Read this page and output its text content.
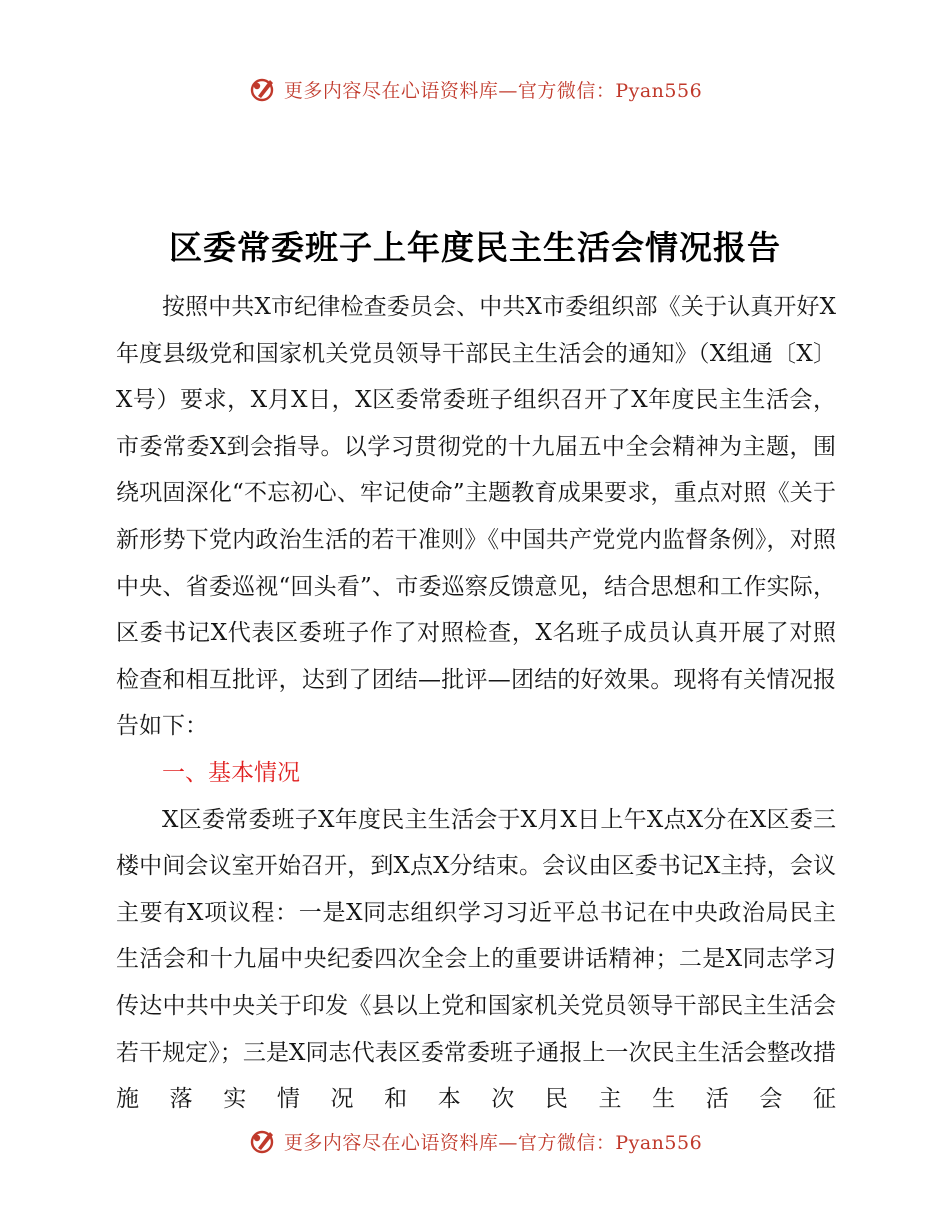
更多内容尽在心语资料库—官方微信：Pyan556
区委常委班子上年度民主生活会情况报告

按照中共X市纪律检查委员会、中共X市委组织部《关于认真开好X年度县级党和国家机关党员领导干部民主生活会的通知》（X组通〔X〕X号）要求，X月X日，X区委常委班子组织召开了X年度民主生活会，市委常委X到会指导。以学习贯彻党的十九届五中全会精神为主题，围绕巩固深化“不忘初心、牢记使命”主题教育成果要求，重点对照《关于新形势下党内政治生活的若干准则》《中国共产党党内监督条例》，对照中央、省委巡视“回头看”、市委巡察反馈意见，结合思想和工作实际，区委书记X代表区委班子作了对照检查，X名班子成员认真开展了对照检查和相互批评，达到了团结—批评—团结的好效果。现将有关情况报告如下：

一、基本情况

X区委常委班子X年度民主生活会于X月X日上午X点X分在X区委三楼中间会议室开始召开，到X点X分结束。会议由区委书记X主持，会议主要有X项议程：一是X同志组织学习习近平总书记在中央政治局民主生活会和十九届中央纪委四次全会上的重要讲话精神；二是X同志学习传达中共中央关于印发《县以上党和国家机关党员领导干部民主生活会若干规定》；三是X同志代表区委常委班子通报上一次民主生活会整改措施落实情况和本次民主生活会征

更多内容尽在心语资料库—官方微信：Pyan556
